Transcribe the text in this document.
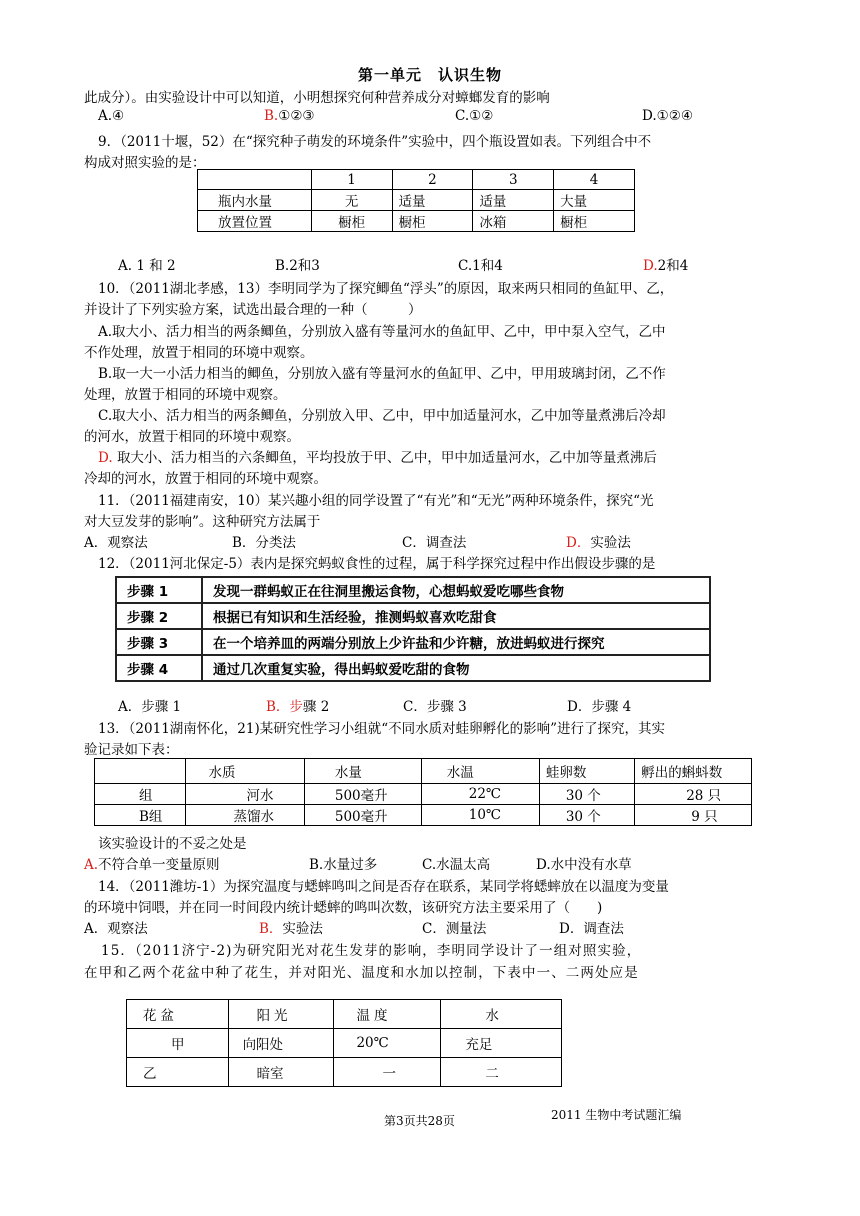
第一单元　认识生物
此成分）。由实验设计中可以知道，小明想探究何种营养成分对蟑螂发育的影响
A.④	B.①②③	C.①②	D.①②④
9．（2011十堰，52）在“探究种子萌发的环境条件”实验中，四个瓶设置如表。下列组合中不
构成对照实验的是：
	1	2	3	4
瓶内水量	无	适量	适量	大量
放置位置	橱柜	橱柜	冰箱	橱柜
A. 1 和 2	B.2和3	C.1和4	D.2和4
10．（2011湖北孝感，13）李明同学为了探究鲫鱼“浮头”的原因，取来两只相同的鱼缸甲、乙，
并设计了下列实验方案，试选出最合理的一种（　　　）
A.取大小、活力相当的两条鲫鱼，分别放入盛有等量河水的鱼缸甲、乙中，甲中泵入空气，乙中
不作处理，放置于相同的环境中观察。
B.取一大一小活力相当的鲫鱼，分别放入盛有等量河水的鱼缸甲、乙中，甲用玻璃封闭，乙不作
处理，放置于相同的环境中观察。
C.取大小、活力相当的两条鲫鱼，分别放入甲、乙中，甲中加适量河水，乙中加等量煮沸后冷却
的河水，放置于相同的环境中观察。
D. 取大小、活力相当的六条鲫鱼，平均投放于甲、乙中，甲中加适量河水，乙中加等量煮沸后
冷却的河水，放置于相同的环境中观察。
11．（2011福建南安，10）某兴趣小组的同学设置了“有光”和“无光”两种环境条件，探究“光
对大豆发芽的影响”。这种研究方法属于
A．观察法	B．分类法	C．调查法	D．实验法
12．（2011河北保定-5）表内是探究蚂蚁食性的过程，属于科学探究过程中作出假设步骤的是
步骤 1	发现一群蚂蚁正在往洞里搬运食物，心想蚂蚁爱吃哪些食物
步骤 2	根据已有知识和生活经验，推测蚂蚁喜欢吃甜食
步骤 3	在一个培养皿的两端分别放上少许盐和少许糖，放进蚂蚁进行探究
步骤 4	通过几次重复实验，得出蚂蚁爱吃甜的食物
A．步骤 1	B．步骤 2	C．步骤 3	D．步骤 4
13．（2011湖南怀化，21)某研究性学习小组就“不同水质对蛙卵孵化的影响”进行了探究，其实
验记录如下表：
	水质	水量	水温	蛙卵数	孵出的蝌蚪数
组	河水	500毫升	22℃	30 个	28 只
B组	蒸馏水	500毫升	10℃	30 个	9 只
该实验设计的不妥之处是
A.不符合单一变量原则	B.水量过多	C.水温太高	D.水中没有水草
14．（2011潍坊-1）为探究温度与蟋蟀鸣叫之间是否存在联系，某同学将蟋蟀放在以温度为变量
的环境中饲喂，并在同一时间段内统计蟋蟀的鸣叫次数，该研究方法主要采用了（　　)
A．观察法	B．实验法	C．测量法	D．调查法
15．（2011济宁-2)为研究阳光对花生发芽的影响，李明同学设计了一组对照实验，
在甲和乙两个花盆中种了花生，并对阳光、温度和水加以控制，下表中一、二两处应是
花盆	阳光	温度	水
甲	向阳处	20℃	充足
乙	暗室	一	二
第3页共28页	2011 生物中考试题汇编
